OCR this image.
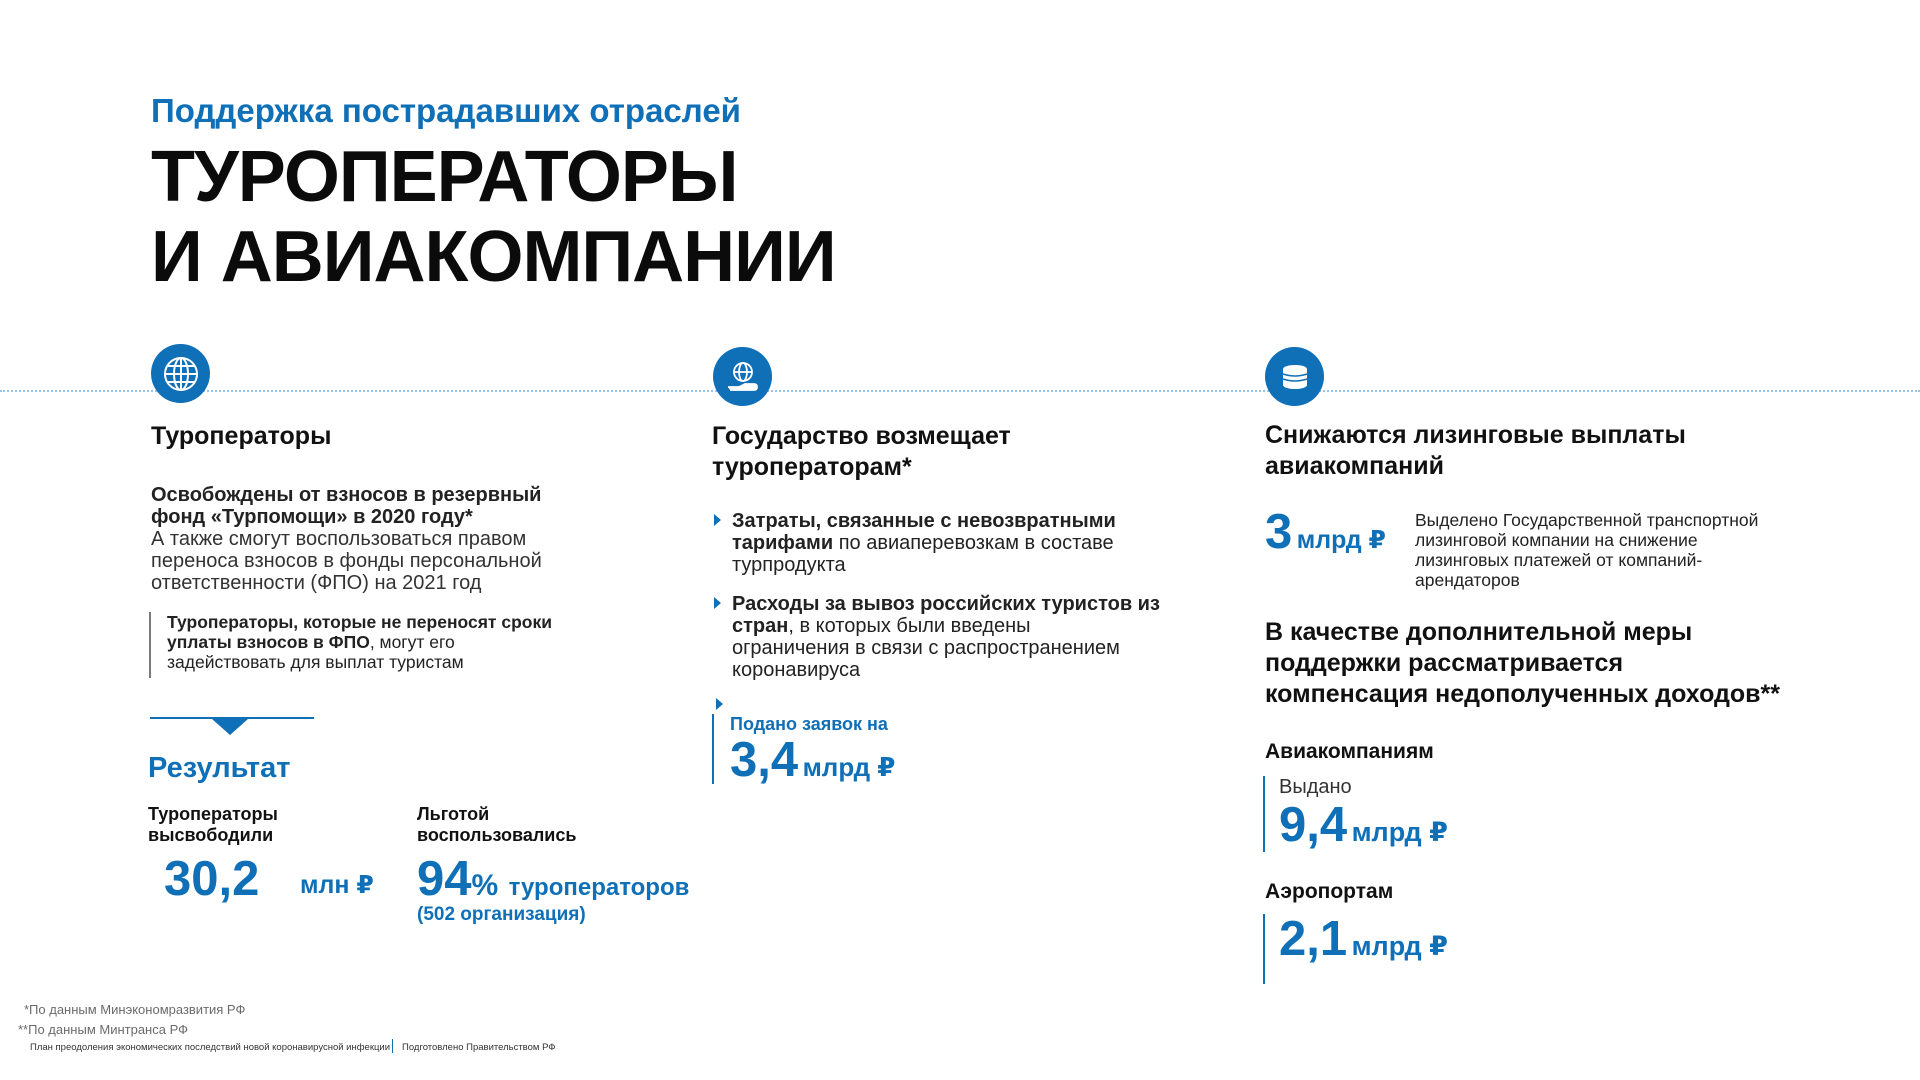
Поддержка пострадавших отраслей
ТУРОПЕРАТОРЫ
И АВИАКОМПАНИИ
Туроператоры
Освобождены от взносов в резервный
фонд «Турпомощи» в 2020 году*
А также смогут воспользоваться правом
переноса взносов в фонды персональной
ответственности (ФПО) на 2021 год
Туроператоры, которые не переносят сроки
уплаты взносов в ФПО, могут его
задействовать для выплат туристам
Результат
Туроператоры
высвободили
30,2 млн ₽
Льготой
воспользовались
94% туроператоров
(502 организация)
Государство возмещает
туроператорам*
Затраты, связанные с невозвратными
тарифами по авиаперевозкам в составе
турпродукта
Расходы за вывоз российских туристов из
стран, в которых были введены
ограничения в связи с распространением
коронавируса
Подано заявок на
3,4 млрд ₽
Снижаются лизинговые выплаты
авиакомпаний
3 млрд ₽
Выделено Государственной транспортной
лизинговой компании на снижение
лизинговых платежей от компаний-
арендаторов
В качестве дополнительной меры
поддержки рассматривается
компенсация недополученных доходов**
Авиакомпаниям
Выдано
9,4 млрд ₽
Аэропортам
2,1 млрд ₽
*По данным Минэкономразвития РФ
**По данным Минтранса РФ
План преодоления экономических последствий новой коронавирусной инфекции Подготовлено Правительством РФ
